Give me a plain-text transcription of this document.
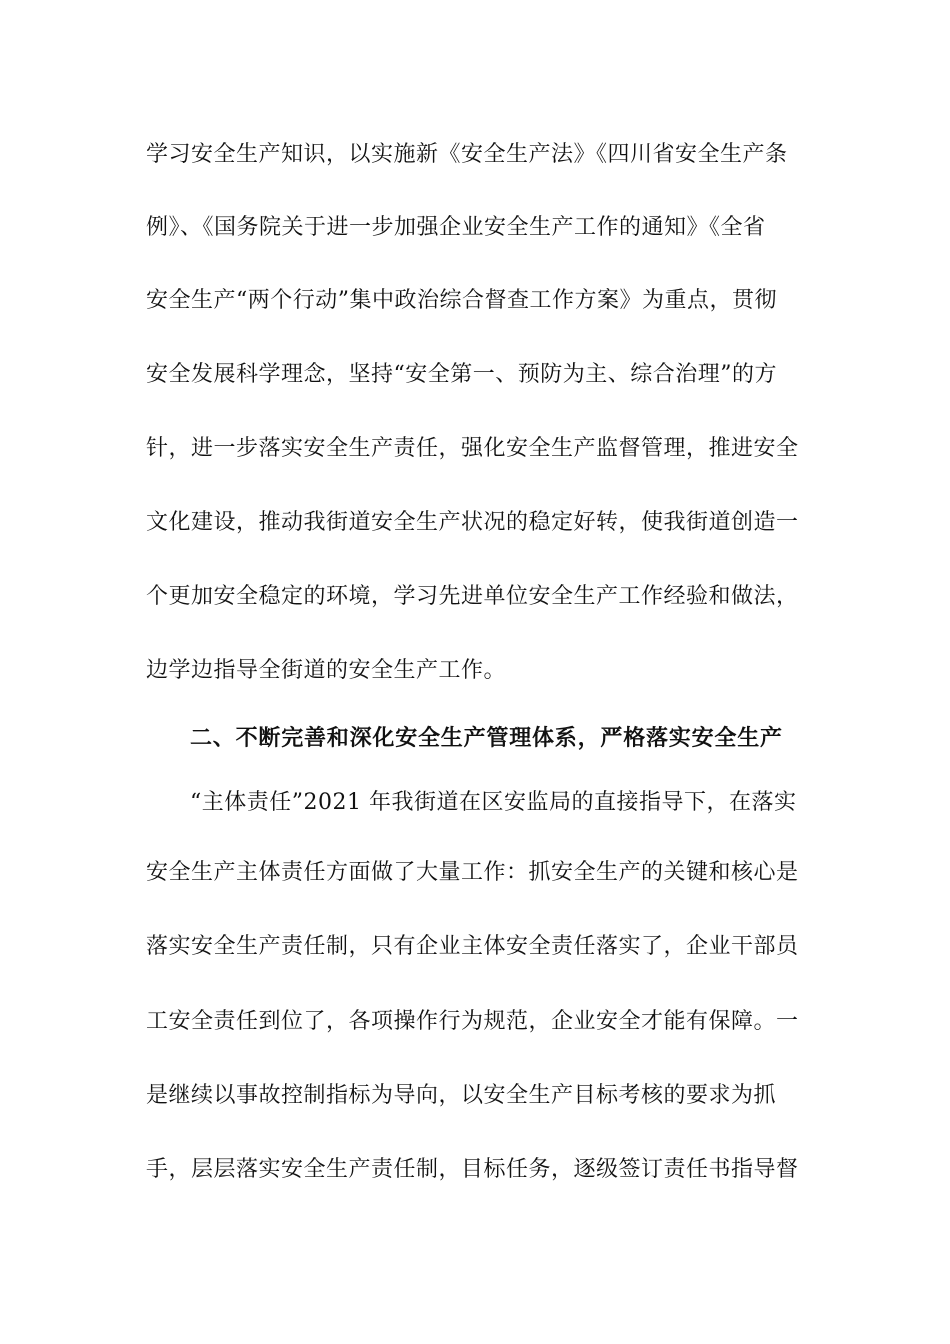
学习安全生产知识，以实施新《安全生产法》《四川省安全生产条
例》、《国务院关于进一步加强企业安全生产工作的通知》《全省
安全生产“两个行动”集中政治综合督查工作方案》为重点，贯彻
安全发展科学理念，坚持“安全第一、预防为主、综合治理”的方
针，进一步落实安全生产责任，强化安全生产监督管理，推进安全
文化建设，推动我街道安全生产状况的稳定好转，使我街道创造一
个更加安全稳定的环境，学习先进单位安全生产工作经验和做法，
边学边指导全街道的安全生产工作。
二、不断完善和深化安全生产管理体系，严格落实安全生产
“主体责任”2021 年我街道在区安监局的直接指导下，在落实
安全生产主体责任方面做了大量工作：抓安全生产的关键和核心是
落实安全生产责任制，只有企业主体安全责任落实了，企业干部员
工安全责任到位了，各项操作行为规范，企业安全才能有保障。一
是继续以事故控制指标为导向，以安全生产目标考核的要求为抓
手，层层落实安全生产责任制，目标任务，逐级签订责任书指导督
